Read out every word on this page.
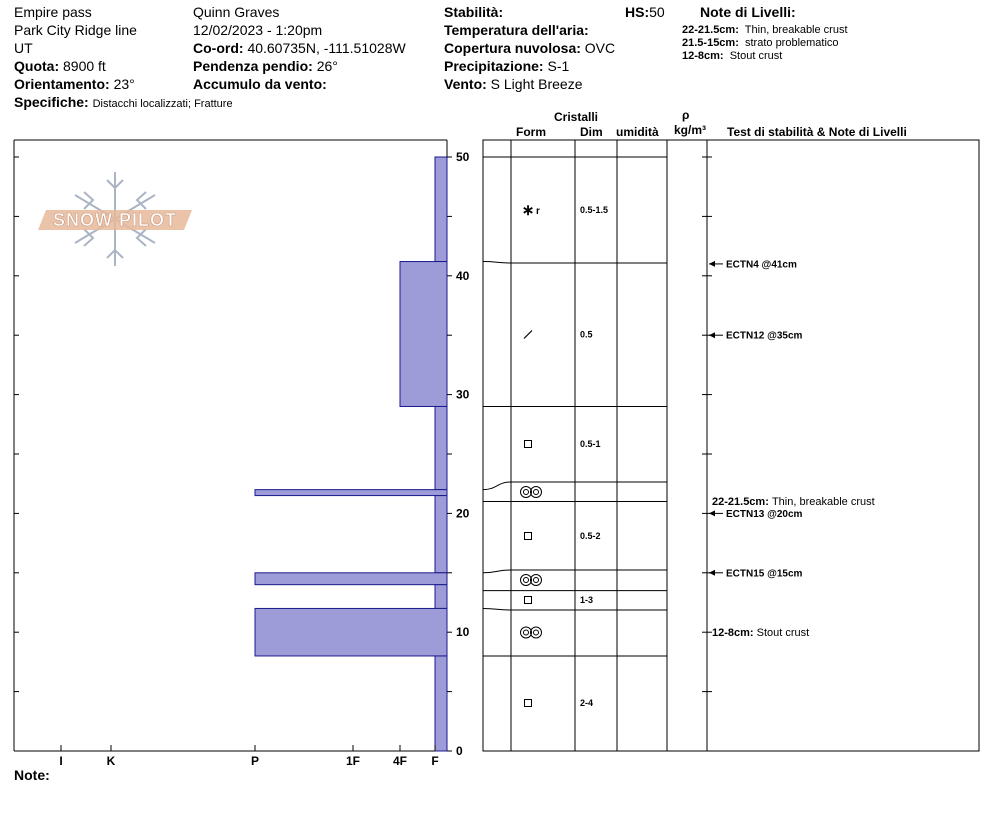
Empire pass
Park City Ridge line
UT
Quota: 8900 ft
Orientamento: 23°
Specifiche: Distacchi localizzati; Fratture
Quinn Graves
12/02/2023 - 1:20pm
Co-ord: 40.60735N, -111.51028W
Pendenza pendio: 26°
Accumulo da vento:
Stabilità:
Temperatura dell'aria:
Copertura nuvolosa: OVC
Precipitazione: S-1
Vento: S Light Breeze
HS:50	Note di Livelli:
22-21.5cm: Thin, breakable crust
21.5-15cm: strato problematico
12-8cm: Stout crust
Cristalli
Form	Dim umidità
ρ
kg/m³ Test di stabilità & Note di Livelli
Note:
SNOW PILOT
0
10
20
30
40
50
I	K	P	1F	4F F
∗ r	0.5-1.5
0.5
0.5-1
0.5-2
1-3
2-4
ECTN4 @41cm
ECTN12 @35cm
ECTN13 @20cm
ECTN15 @15cm
22-21.5cm: Thin, breakable crust
12-8cm: Stout crust
